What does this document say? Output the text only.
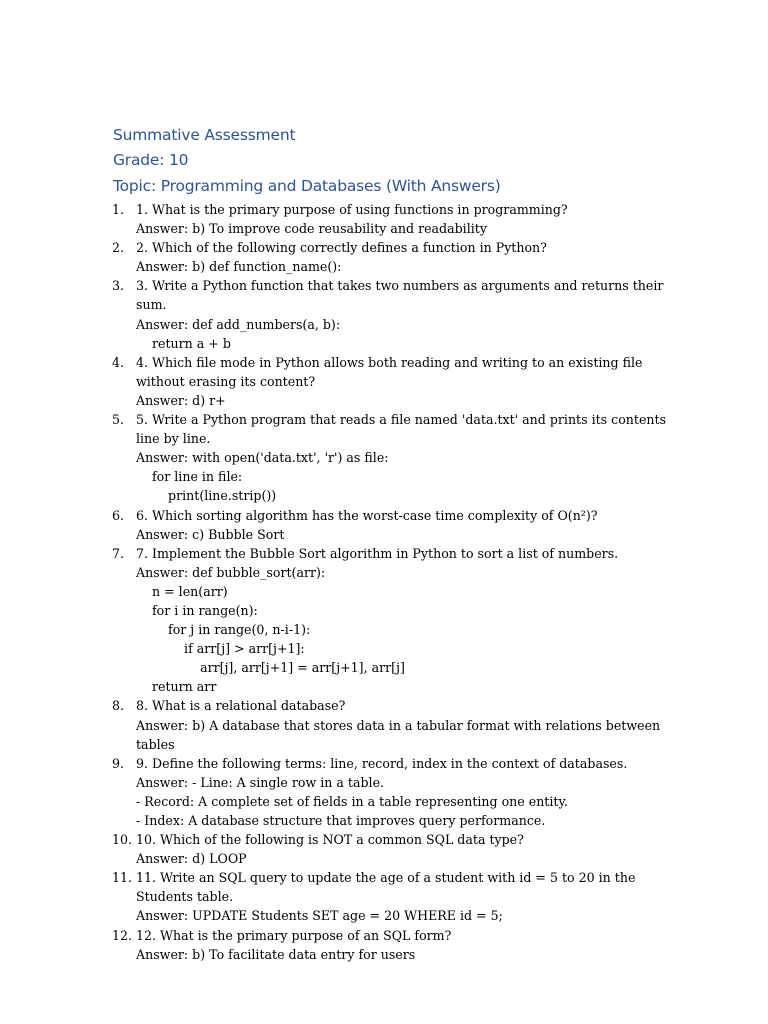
Summative Assessment
Grade: 10
Topic: Programming and Databases (With Answers)
1. 1. What is the primary purpose of using functions in programming?
Answer: b) To improve code reusability and readability
2. 2. Which of the following correctly defines a function in Python?
Answer: b) def function_name():
3. 3. Write a Python function that takes two numbers as arguments and returns their sum.
Answer: def add_numbers(a, b):
return a + b
4. 4. Which file mode in Python allows both reading and writing to an existing file without erasing its content?
Answer: d) r+
5. 5. Write a Python program that reads a file named 'data.txt' and prints its contents line by line.
Answer: with open('data.txt', 'r') as file:
for line in file:
print(line.strip())
6. 6. Which sorting algorithm has the worst-case time complexity of O(n²)?
Answer: c) Bubble Sort
7. 7. Implement the Bubble Sort algorithm in Python to sort a list of numbers.
Answer: def bubble_sort(arr):
n = len(arr)
for i in range(n):
for j in range(0, n-i-1):
if arr[j] > arr[j+1]:
arr[j], arr[j+1] = arr[j+1], arr[j]
return arr
8. 8. What is a relational database?
Answer: b) A database that stores data in a tabular format with relations between tables
9. 9. Define the following terms: line, record, index in the context of databases.
Answer: - Line: A single row in a table.
- Record: A complete set of fields in a table representing one entity.
- Index: A database structure that improves query performance.
10. 10. Which of the following is NOT a common SQL data type?
Answer: d) LOOP
11. 11. Write an SQL query to update the age of a student with id = 5 to 20 in the Students table.
Answer: UPDATE Students SET age = 20 WHERE id = 5;
12. 12. What is the primary purpose of an SQL form?
Answer: b) To facilitate data entry for users
